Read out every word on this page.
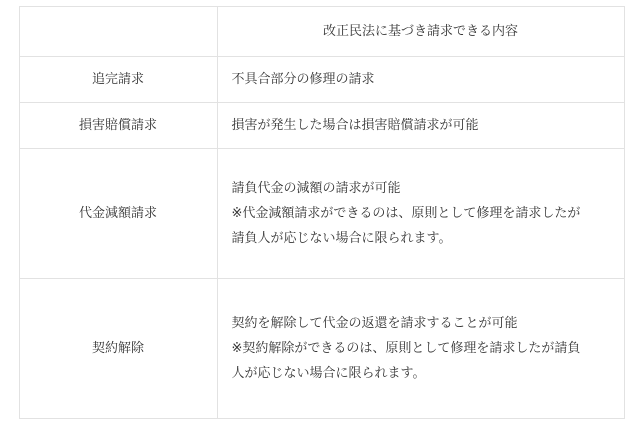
	改正民法に基づき請求できる内容
追完請求	不具合部分の修理の請求

損害賠償請求	損害が発生した場合は損害賠償請求が可能

代金減額請求	請負代金の減額の請求が可能
※代金減額請求ができるのは、原則として修理を請求したが
請負人が応じない場合に限られます。

契約解除	契約を解除して代金の返還を請求することが可能
※契約解除ができるのは、原則として修理を請求したが請負
人が応じない場合に限られます。
